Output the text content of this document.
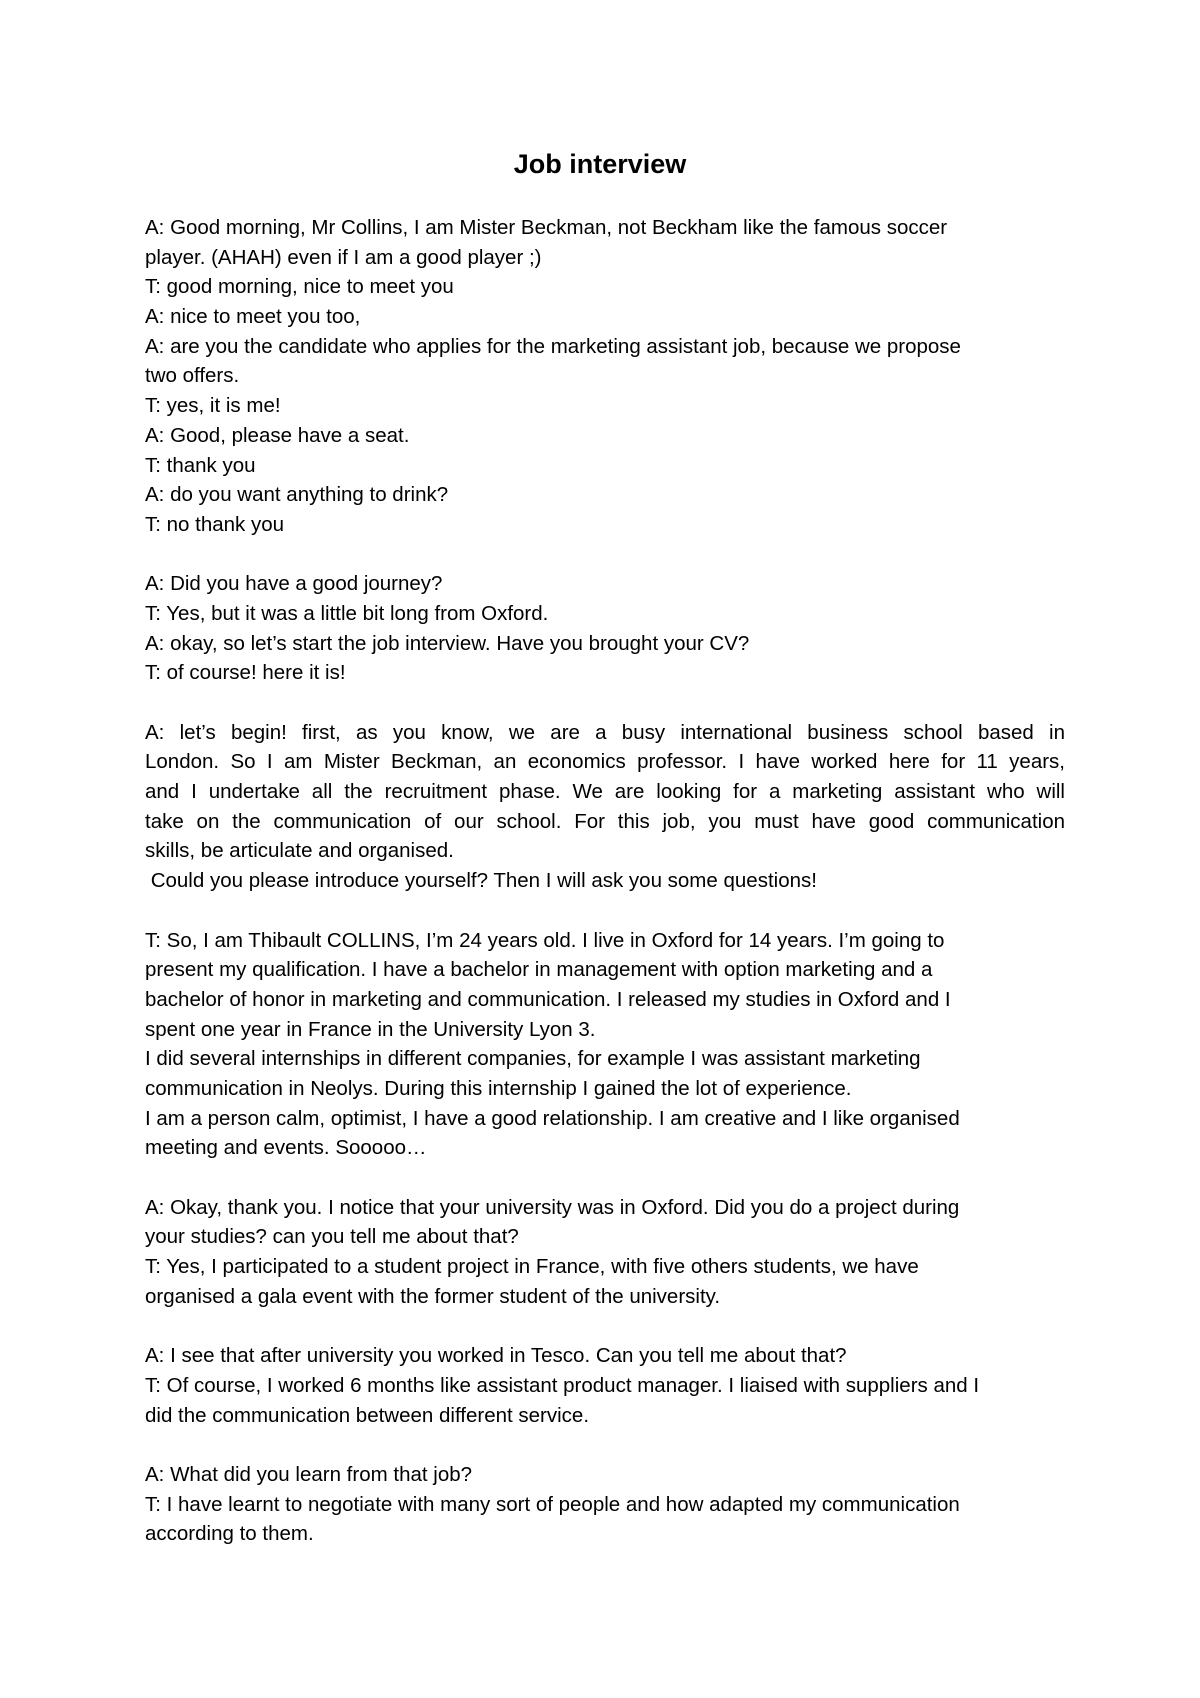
Job interview
A: Good morning, Mr Collins, I am Mister Beckman, not Beckham like the famous soccer
player. (AHAH) even if I am a good player ;)
T: good morning, nice to meet you
A: nice to meet you too,
A: are you the candidate who applies for the marketing assistant job, because we propose
two offers.
T: yes, it is me!
A: Good, please have a seat.
T: thank you
A: do you want anything to drink?
T: no thank you
A: Did you have a good journey?
T: Yes, but it was a little bit long from Oxford.
A: okay, so let’s start the job interview. Have you brought your CV?
T: of course! here it is!
A: let’s begin! first, as you know, we are a busy international business school based in
London. So I am Mister Beckman, an economics professor. I have worked here for 11 years,
and I undertake all the recruitment phase. We are looking for a marketing assistant who will
take on the communication of our school. For this job, you must have good communication
skills, be articulate and organised.
Could you please introduce yourself? Then I will ask you some questions!
T: So, I am Thibault COLLINS, I’m 24 years old. I live in Oxford for 14 years. I’m going to
present my qualification. I have a bachelor in management with option marketing and a
bachelor of honor in marketing and communication. I released my studies in Oxford and I
spent one year in France in the University Lyon 3.
I did several internships in different companies, for example I was assistant marketing
communication in Neolys. During this internship I gained the lot of experience.
I am a person calm, optimist, I have a good relationship. I am creative and I like organised
meeting and events. Sooooo…
A: Okay, thank you. I notice that your university was in Oxford. Did you do a project during
your studies? can you tell me about that?
T: Yes, I participated to a student project in France, with five others students, we have
organised a gala event with the former student of the university.
A: I see that after university you worked in Tesco. Can you tell me about that?
T: Of course, I worked 6 months like assistant product manager. I liaised with suppliers and I
did the communication between different service.
A: What did you learn from that job?
T: I have learnt to negotiate with many sort of people and how adapted my communication
according to them.
